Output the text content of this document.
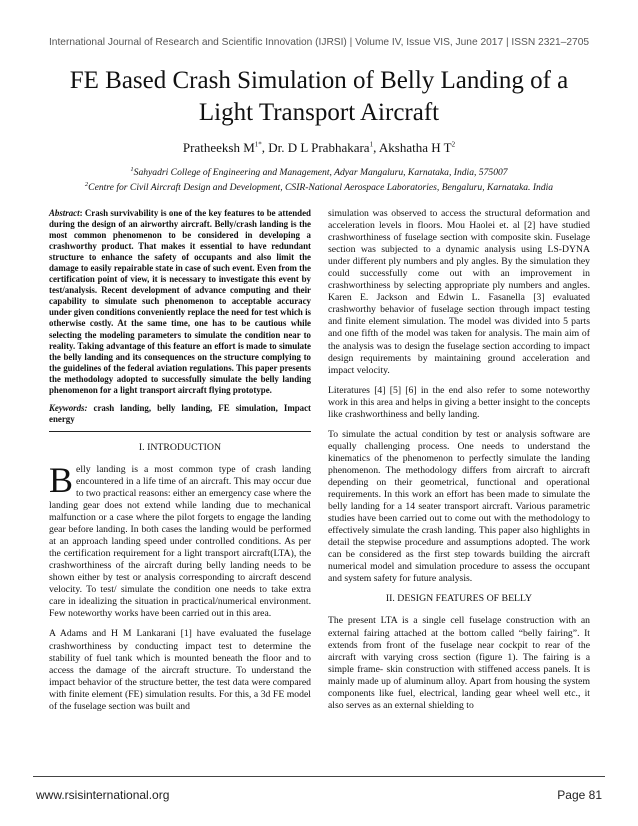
International Journal of Research and Scientific Innovation (IJRSI) | Volume IV, Issue VIS, June 2017 | ISSN 2321–2705
FE Based Crash Simulation of Belly Landing of a
Light Transport Aircraft
Pratheeksh $M^{1*}$, Dr. D L Prabhakara$^1$, Akshatha H $T^2$
$^1$Sahyadri College of Engineering and Management, Adyar Mangaluru, Karnataka, India, 575007
$^2$Centre for Civil Aircraft Design and Development, CSIR-National Aerospace Laboratories, Bengaluru, Karnataka. India
Abstract: Crash survivability is one of the key features to be attended during the design of an airworthy aircraft. Belly/crash landing is the most common phenomenon to be considered in developing a crashworthy product. That makes it essential to have redundant structure to enhance the safety of occupants and also limit the damage to easily repairable state in case of such event. Even from the certification point of view, it is necessary to investigate this event by test/analysis. Recent development of advance computing and their capability to simulate such phenomenon to acceptable accuracy under given conditions conveniently replace the need for test which is otherwise costly. At the same time, one has to be cautious while selecting the modeling parameters to simulate the condition near to reality. Taking advantage of this feature an effort is made to simulate the belly landing and its consequences on the structure complying to the guidelines of the federal aviation regulations. This paper presents the methodology adopted to successfully simulate the belly landing phenomenon for a light transport aircraft flying prototype.
Keywords: crash landing, belly landing, FE simulation, Impact energy
I. INTRODUCTION

Belly landing is a most common type of crash landing encountered in a life time of an aircraft. This may occur due to two practical reasons: either an emergency case where the landing gear does not extend while landing due to mechanical malfunction or a case where the pilot forgets to engage the landing gear before landing. In both cases the landing would be performed at an approach landing speed under controlled conditions. As per the certification requirement for a light transport aircraft(LTA), the crashworthiness of the aircraft during belly landing needs to be shown either by test or analysis corresponding to aircraft descend velocity. To test/ simulate the condition one needs to take extra care in idealizing the situation in practical/numerical environment. Few noteworthy works have been carried out in this area.

A Adams and H M Lankarani [1] have evaluated the fuselage crashworthiness by conducting impact test to determine the stability of fuel tank which is mounted beneath the floor and to access the damage of the aircraft structure. To understand the impact behavior of the structure better, the test data were compared with finite element (FE) simulation results. For this, a 3d FE model of the fuselage section was built and

simulation was observed to access the structural deformation and acceleration levels in floors. Mou Haolei et. al [2] have studied crashworthiness of fuselage section with composite skin. Fuselage section was subjected to a dynamic analysis using LS-DYNA under different ply numbers and ply angles. By the simulation they could successfully come out with an improvement in crashworthiness by selecting appropriate ply numbers and angles. Karen E. Jackson and Edwin L. Fasanella [3] evaluated crashworthy behavior of fuselage section through impact testing and finite element simulation. The model was divided into 5 parts and one fifth of the model was taken for analysis. The main aim of the analysis was to design the fuselage section according to impact design requirements by maintaining ground acceleration and impact velocity.

Literatures [4] [5] [6] in the end also refer to some noteworthy work in this area and helps in giving a better insight to the concepts like crashworthiness and belly landing.

To simulate the actual condition by test or analysis software are equally challenging process. One needs to understand the kinematics of the phenomenon to perfectly simulate the landing phenomenon. The methodology differs from aircraft to aircraft depending on their geometrical, functional and operational requirements. In this work an effort has been made to simulate the belly landing for a 14 seater transport aircraft. Various parametric studies have been carried out to come out with the methodology to effectively simulate the crash landing. This paper also highlights in detail the stepwise procedure and assumptions adopted. The work can be considered as the first step towards building the aircraft numerical model and simulation procedure to assess the occupant and system safety for future analysis.

II. DESIGN FEATURES OF BELLY

The present LTA is a single cell fuselage construction with an external fairing attached at the bottom called “belly fairing”. It extends from front of the fuselage near cockpit to rear of the aircraft with varying cross section (figure 1). The fairing is a simple frame- skin construction with stiffened access panels. It is mainly made up of aluminum alloy. Apart from housing the system components like fuel, electrical, landing gear wheel well etc., it also serves as an external shielding to

www.rsisinternational.org	Page 81
